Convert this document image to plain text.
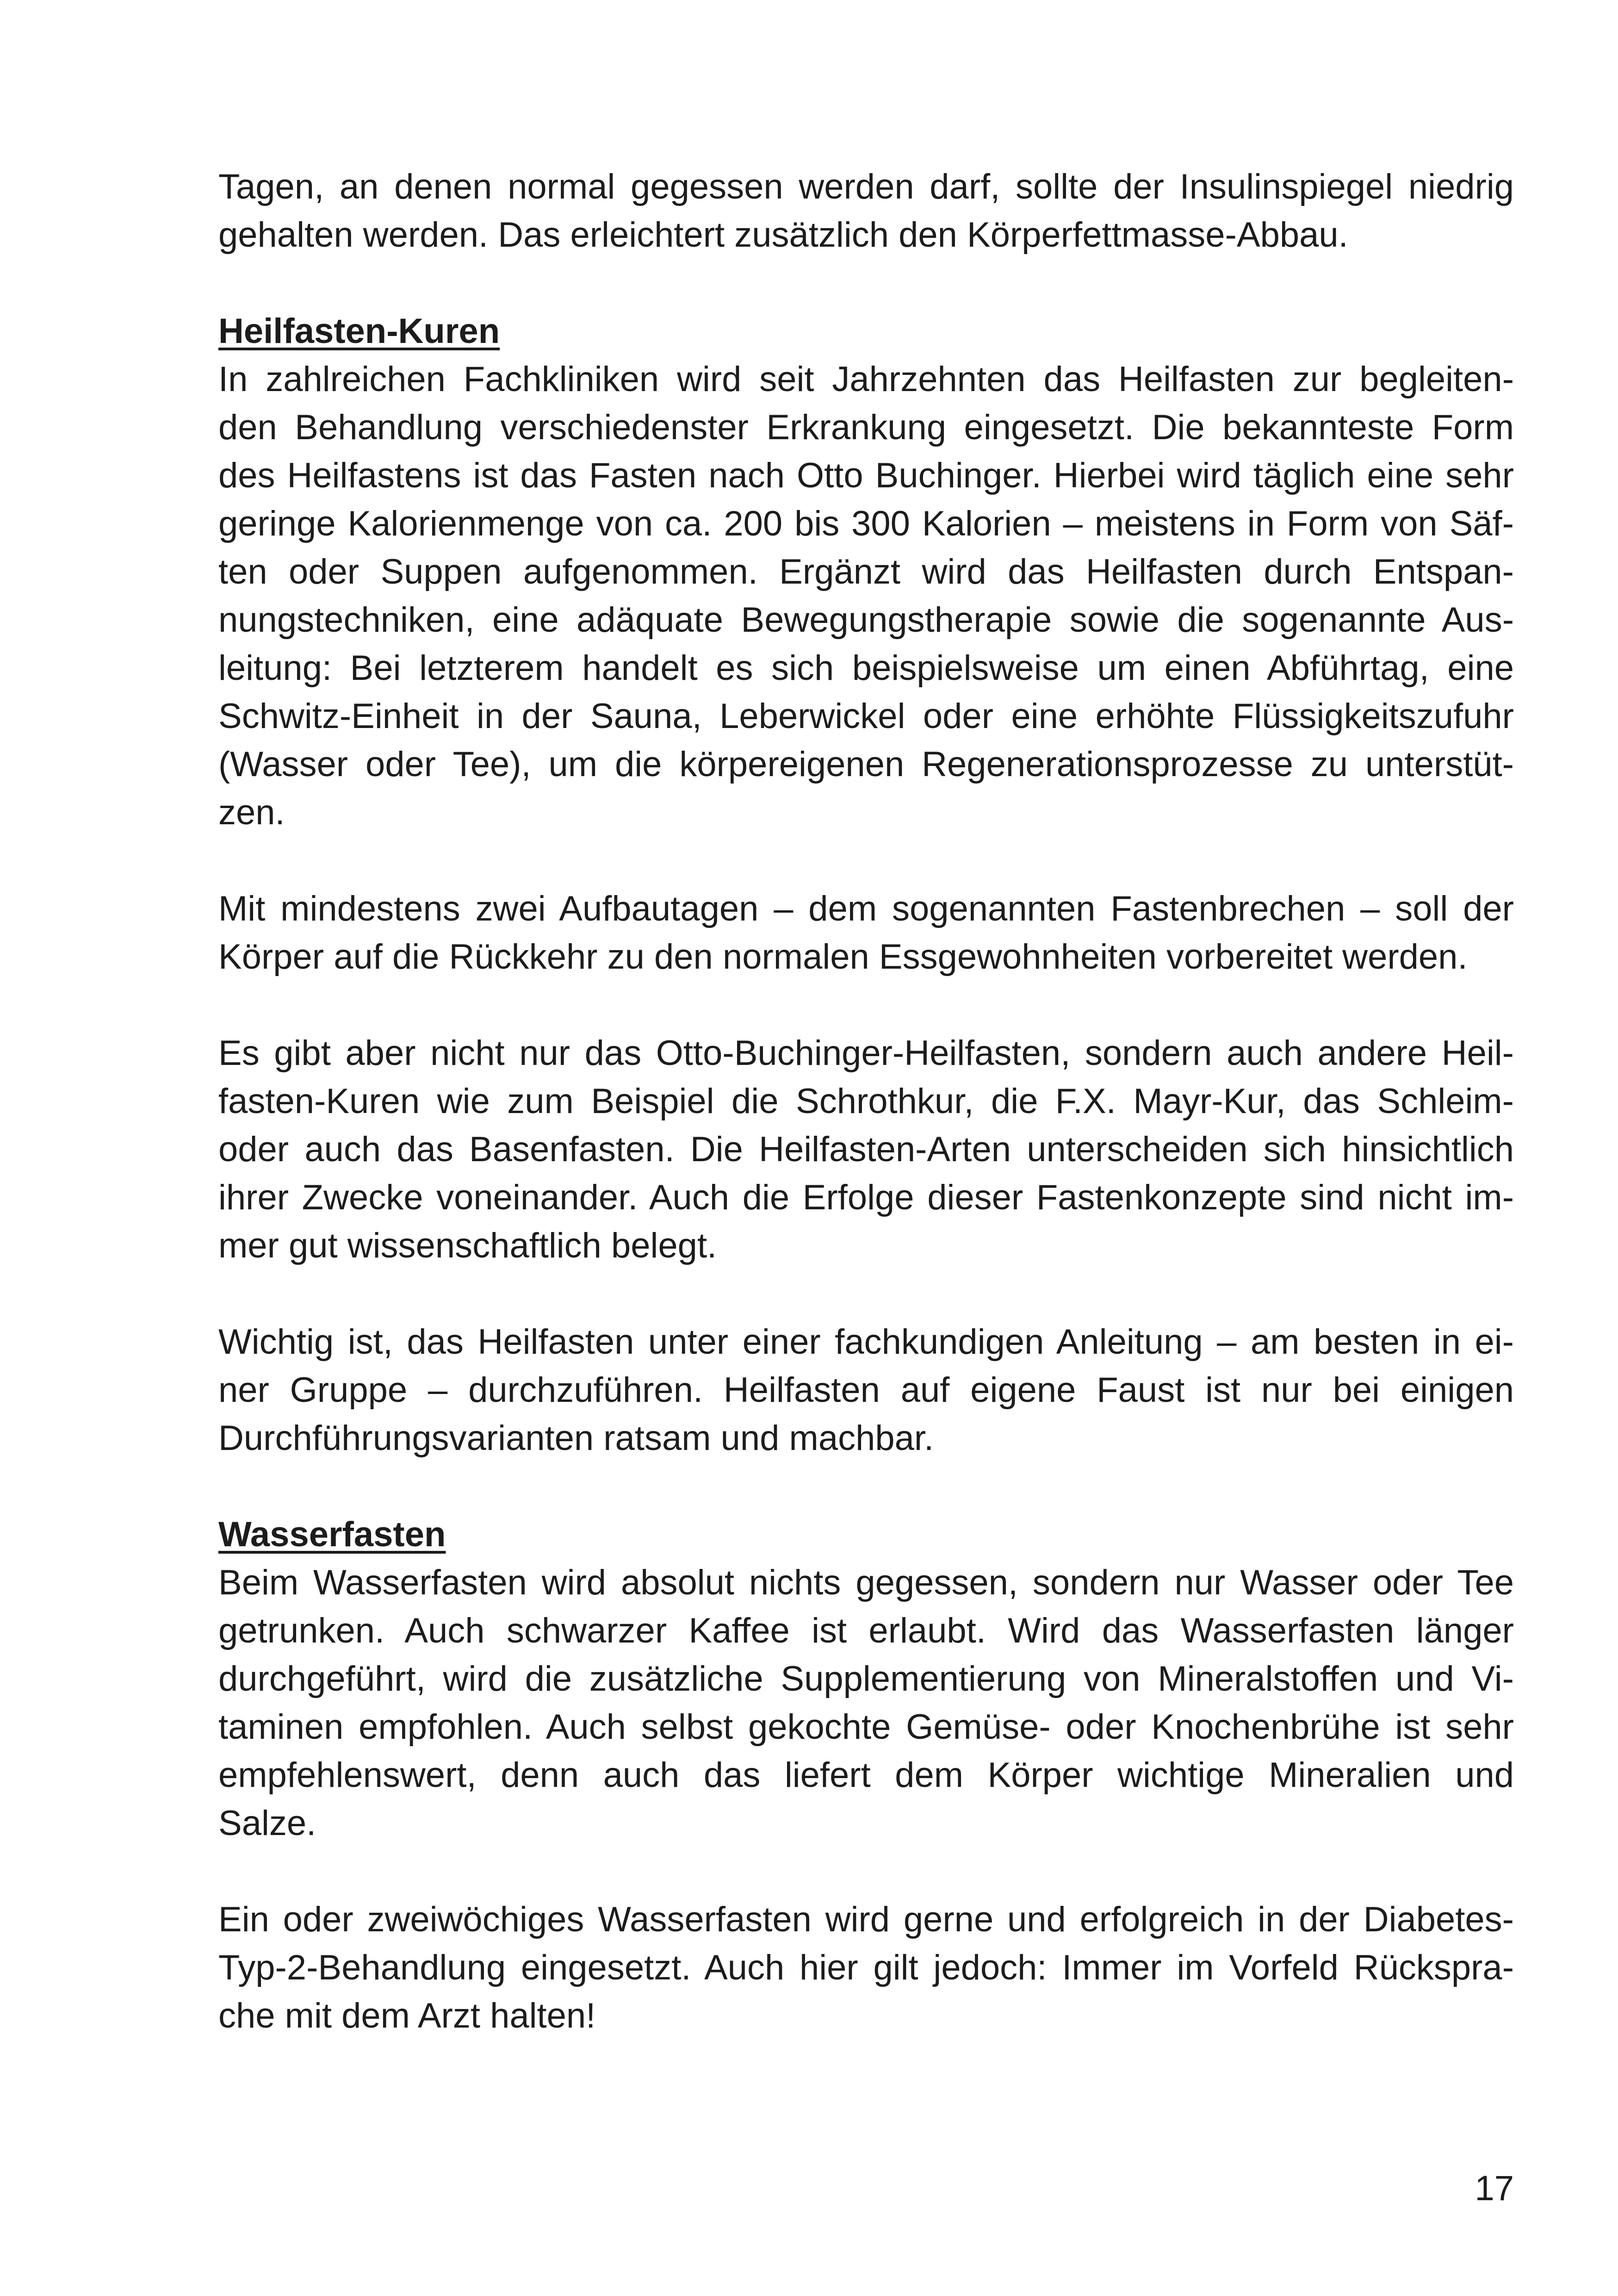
Tagen, an denen normal gegessen werden darf, sollte der Insulinspiegel niedrig
gehalten werden. Das erleichtert zusätzlich den Körperfettmasse-Abbau.
Heilfasten-Kuren
In zahlreichen Fachkliniken wird seit Jahrzehnten das Heilfasten zur begleiten-
den Behandlung verschiedenster Erkrankung eingesetzt. Die bekannteste Form
des Heilfastens ist das Fasten nach Otto Buchinger. Hierbei wird täglich eine sehr
geringe Kalorienmenge von ca. 200 bis 300 Kalorien – meistens in Form von Säf-
ten oder Suppen aufgenommen. Ergänzt wird das Heilfasten durch Entspan-
nungstechniken, eine adäquate Bewegungstherapie sowie die sogenannte Aus-
leitung: Bei letzterem handelt es sich beispielsweise um einen Abführtag, eine
Schwitz-Einheit in der Sauna, Leberwickel oder eine erhöhte Flüssigkeitszufuhr
(Wasser oder Tee), um die körpereigenen Regenerationsprozesse zu unterstüt-
zen.
Mit mindestens zwei Aufbautagen – dem sogenannten Fastenbrechen – soll der
Körper auf die Rückkehr zu den normalen Essgewohnheiten vorbereitet werden.
Es gibt aber nicht nur das Otto-Buchinger-Heilfasten, sondern auch andere Heil-
fasten-Kuren wie zum Beispiel die Schrothkur, die F.X. Mayr-Kur, das Schleim-
oder auch das Basenfasten. Die Heilfasten-Arten unterscheiden sich hinsichtlich
ihrer Zwecke voneinander. Auch die Erfolge dieser Fastenkonzepte sind nicht im-
mer gut wissenschaftlich belegt.
Wichtig ist, das Heilfasten unter einer fachkundigen Anleitung – am besten in ei-
ner Gruppe – durchzuführen. Heilfasten auf eigene Faust ist nur bei einigen
Durchführungsvarianten ratsam und machbar.
Wasserfasten
Beim Wasserfasten wird absolut nichts gegessen, sondern nur Wasser oder Tee
getrunken. Auch schwarzer Kaffee ist erlaubt. Wird das Wasserfasten länger
durchgeführt, wird die zusätzliche Supplementierung von Mineralstoffen und Vi-
taminen empfohlen. Auch selbst gekochte Gemüse- oder Knochenbrühe ist sehr
empfehlenswert, denn auch das liefert dem Körper wichtige Mineralien und
Salze.
Ein oder zweiwöchiges Wasserfasten wird gerne und erfolgreich in der Diabetes-
Typ-2-Behandlung eingesetzt. Auch hier gilt jedoch: Immer im Vorfeld Rückspra-
che mit dem Arzt halten!
17
